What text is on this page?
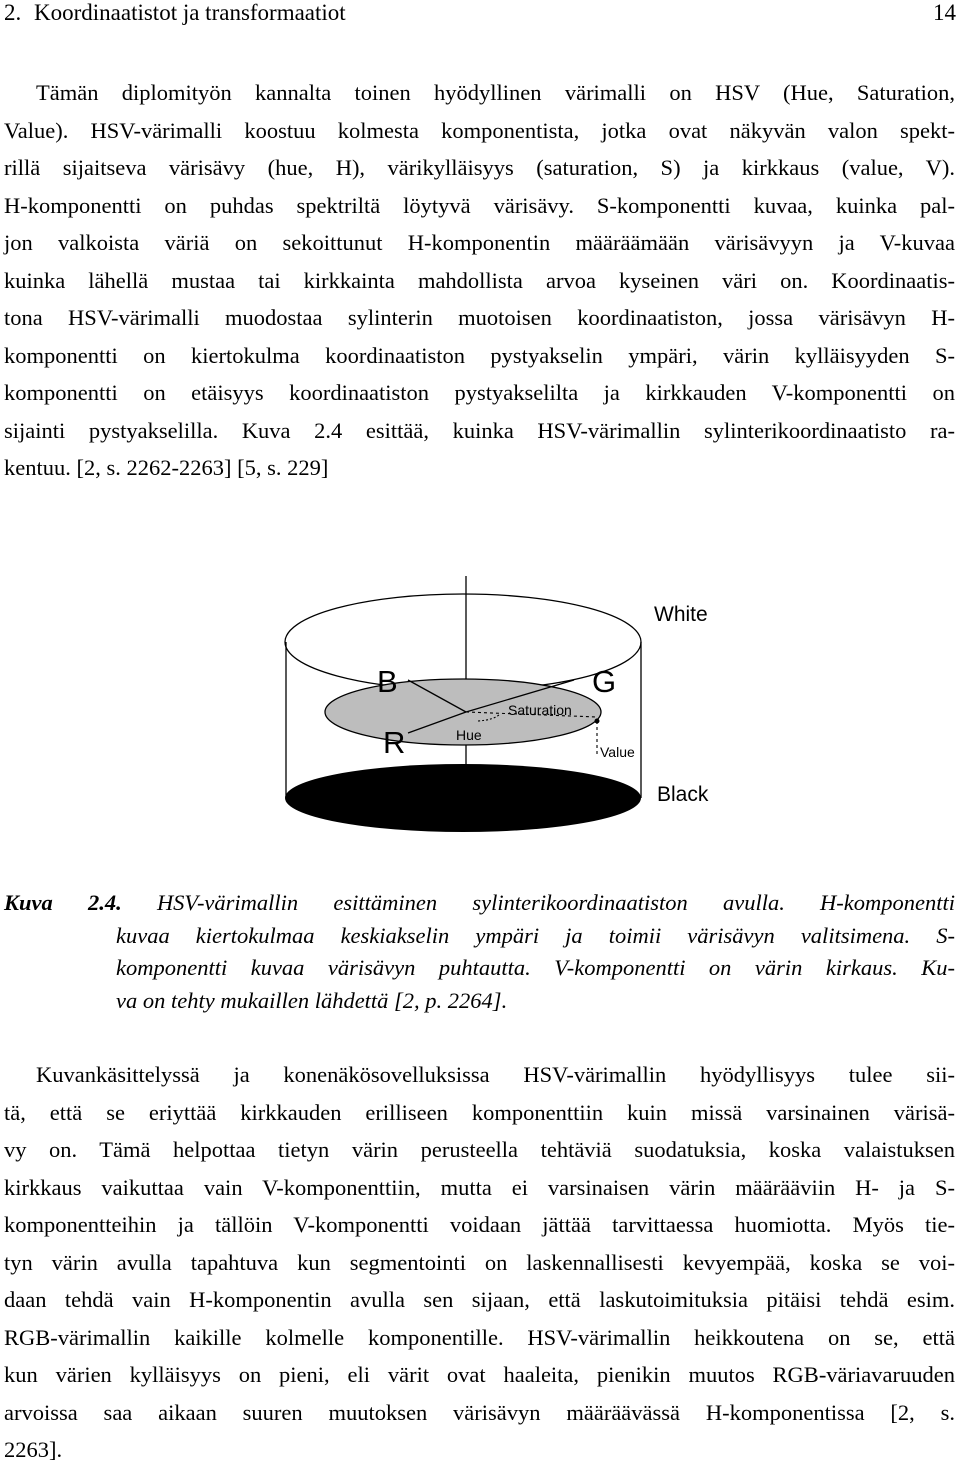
2. Koordinaatistot ja transformaatiot	14
Tämän diplomityön kannalta toinen hyödyllinen värimalli on HSV (Hue, Saturation,
Value). HSV-värimalli koostuu kolmesta komponentista, jotka ovat näkyvän valon spekt-
rillä sijaitseva värisävy (hue, H), värikylläisyys (saturation, S) ja kirkkaus (value, V).
H-komponentti on puhdas spektriltä löytyvä värisävy. S-komponentti kuvaa, kuinka pal-
jon valkoista väriä on sekoittunut H-komponentin määräämään värisävyyn ja V-kuvaa
kuinka lähellä mustaa tai kirkkainta mahdollista arvoa kyseinen väri on. Koordinaatis-
tona HSV-värimalli muodostaa sylinterin muotoisen koordinaatiston, jossa värisävyn H-
komponentti on kiertokulma koordinaatiston pystyakselin ympäri, värin kylläisyyden S-
komponentti on etäisyys koordinaatiston pystyakselilta ja kirkkauden V-komponentti on
sijainti pystyakselilla. Kuva 2.4 esittää, kuinka HSV-värimallin sylinterikoordinaatisto ra-
kentuu. [2, s. 2262-2263] [5, s. 229]
White
Black
B	G
R	Hue
Saturation
Value
Kuva 2.4. HSV-värimallin esittäminen sylinterikoordinaatiston avulla. H-komponentti
kuvaa kiertokulmaa keskiakselin ympäri ja toimii värisävyn valitsimena. S-
komponentti kuvaa värisävyn puhtautta. V-komponentti on värin kirkaus. Ku-
va on tehty mukaillen lähdettä [2, p. 2264].
Kuvankäsittelyssä ja konenäkösovelluksissa HSV-värimallin hyödyllisyys tulee sii-
tä, että se eriyttää kirkkauden erilliseen komponenttiin kuin missä varsinainen värisä-
vy on. Tämä helpottaa tietyn värin perusteella tehtäviä suodatuksia, koska valaistuksen
kirkkaus vaikuttaa vain V-komponenttiin, mutta ei varsinaisen värin määrääviin H- ja S-
komponentteihin ja tällöin V-komponentti voidaan jättää tarvittaessa huomiotta. Myös tie-
tyn värin avulla tapahtuva kun segmentointi on laskennallisesti kevyempää, koska se voi-
daan tehdä vain H-komponentin avulla sen sijaan, että laskutoimituksia pitäisi tehdä esim.
RGB-värimallin kaikille kolmelle komponentille. HSV-värimallin heikkoutena on se, että
kun värien kylläisyys on pieni, eli värit ovat haaleita, pienikin muutos RGB-väriavaruuden
arvoissa saa aikaan suuren muutoksen värisävyn määräävässä H-komponentissa [2, s.
2263].
